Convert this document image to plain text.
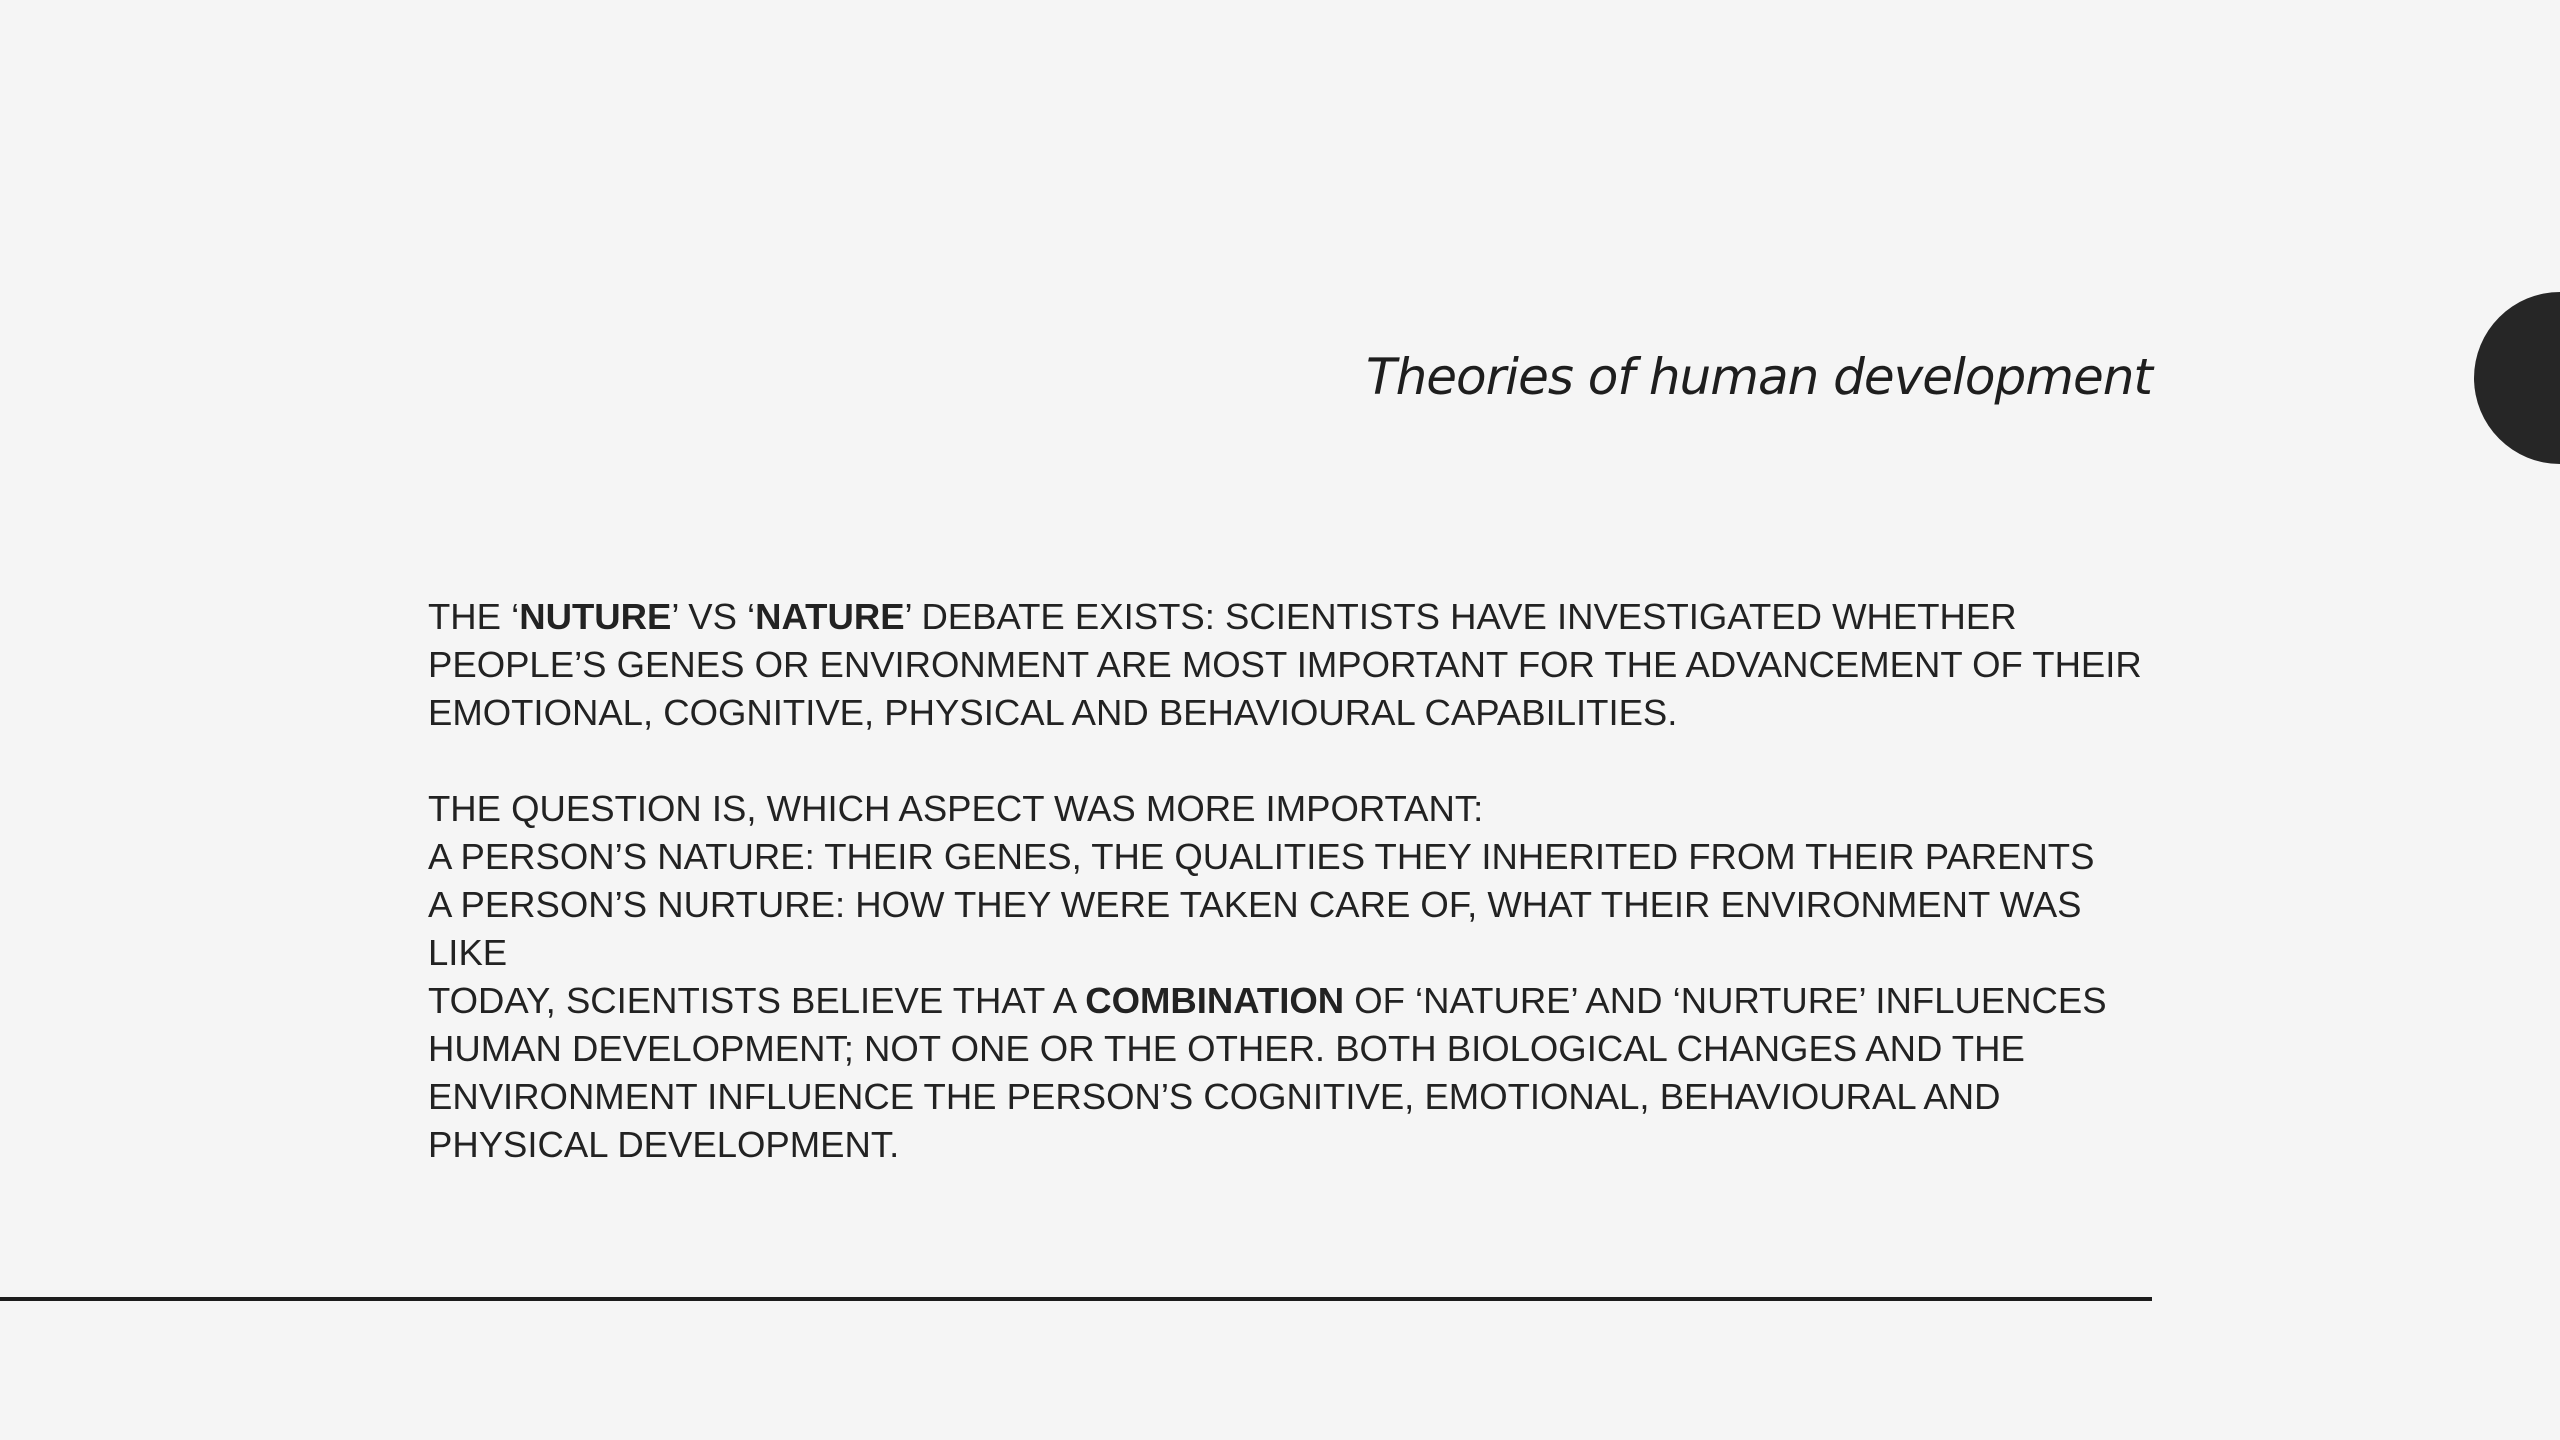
Theories of human development

THE ‘NUTURE’ VS ‘NATURE’ DEBATE EXISTS: SCIENTISTS HAVE INVESTIGATED WHETHER PEOPLE’S GENES OR ENVIRONMENT ARE MOST IMPORTANT FOR THE ADVANCEMENT OF THEIR EMOTIONAL, COGNITIVE, PHYSICAL AND BEHAVIOURAL CAPABILITIES.

THE QUESTION IS, WHICH ASPECT WAS MORE IMPORTANT:

A PERSON’S NATURE: THEIR GENES, THE QUALITIES THEY INHERITED FROM THEIR PARENTS

A PERSON’S NURTURE: HOW THEY WERE TAKEN CARE OF, WHAT THEIR ENVIRONMENT WAS LIKE

TODAY, SCIENTISTS BELIEVE THAT A COMBINATION OF ‘NATURE’ AND ‘NURTURE’ INFLUENCES HUMAN DEVELOPMENT; NOT ONE OR THE OTHER. BOTH BIOLOGICAL CHANGES AND THE ENVIRONMENT INFLUENCE THE PERSON’S COGNITIVE, EMOTIONAL, BEHAVIOURAL AND PHYSICAL DEVELOPMENT.
